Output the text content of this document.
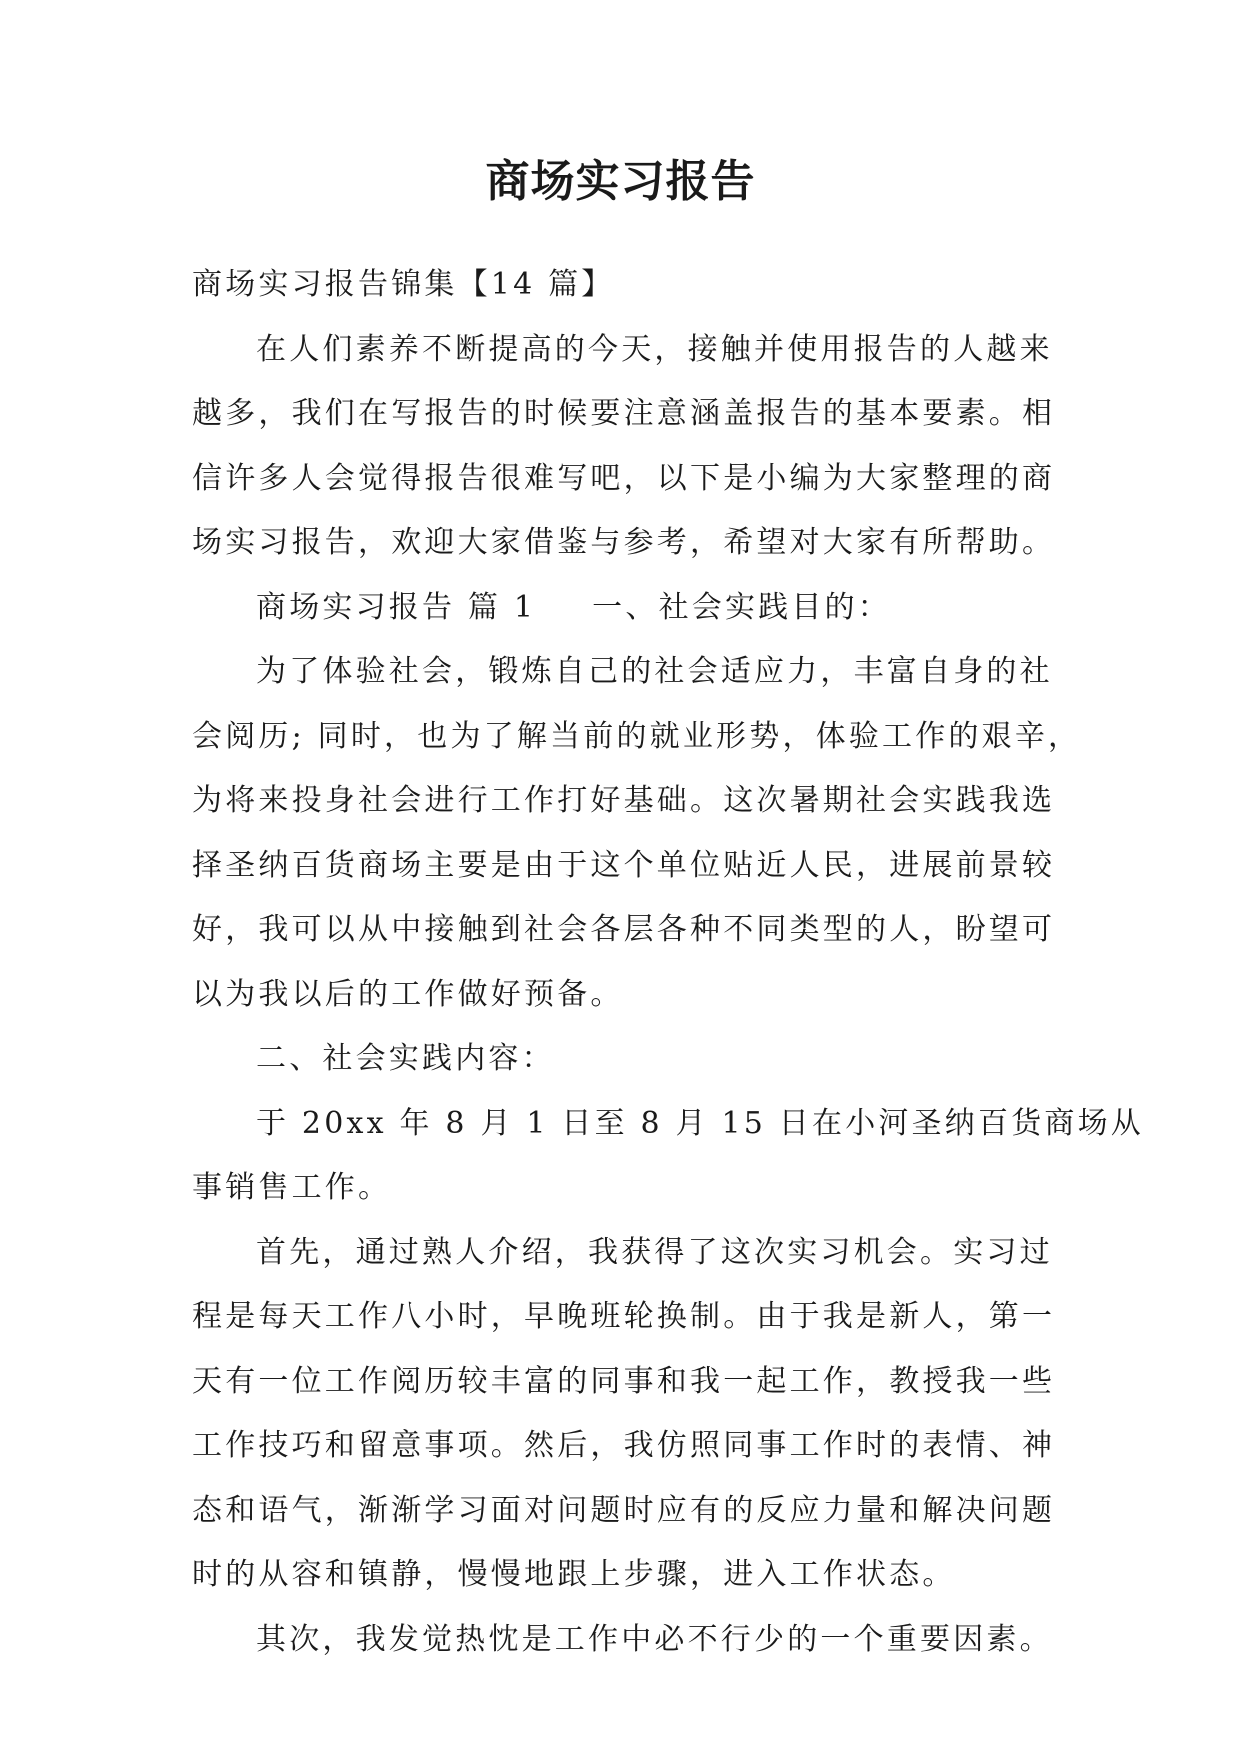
商场实习报告

商场实习报告锦集【14 篇】

在人们素养不断提高的今天，接触并使用报告的人越来

越多，我们在写报告的时候要注意涵盖报告的基本要素。相

信许多人会觉得报告很难写吧，以下是小编为大家整理的商

场实习报告，欢迎大家借鉴与参考，希望对大家有所帮助。

商场实习报告 篇 1 一、社会实践目的：

为了体验社会，锻炼自己的社会适应力，丰富自身的社

会阅历; 同时，也为了解当前的就业形势，体验工作的艰辛，

为将来投身社会进行工作打好基础。这次暑期社会实践我选

择圣纳百货商场主要是由于这个单位贴近人民，进展前景较

好，我可以从中接触到社会各层各种不同类型的人，盼望可

以为我以后的工作做好预备。

二、社会实践内容：

于 20xx 年 8 月 1 日至 8 月 15 日在小河圣纳百货商场从

事销售工作。

首先，通过熟人介绍，我获得了这次实习机会。实习过

程是每天工作八小时，早晚班轮换制。由于我是新人，第一

天有一位工作阅历较丰富的同事和我一起工作，教授我一些

工作技巧和留意事项。然后，我仿照同事工作时的表情、神

态和语气，渐渐学习面对问题时应有的反应力量和解决问题

时的从容和镇静，慢慢地跟上步骤，进入工作状态。

其次，我发觉热忱是工作中必不行少的一个重要因素。
